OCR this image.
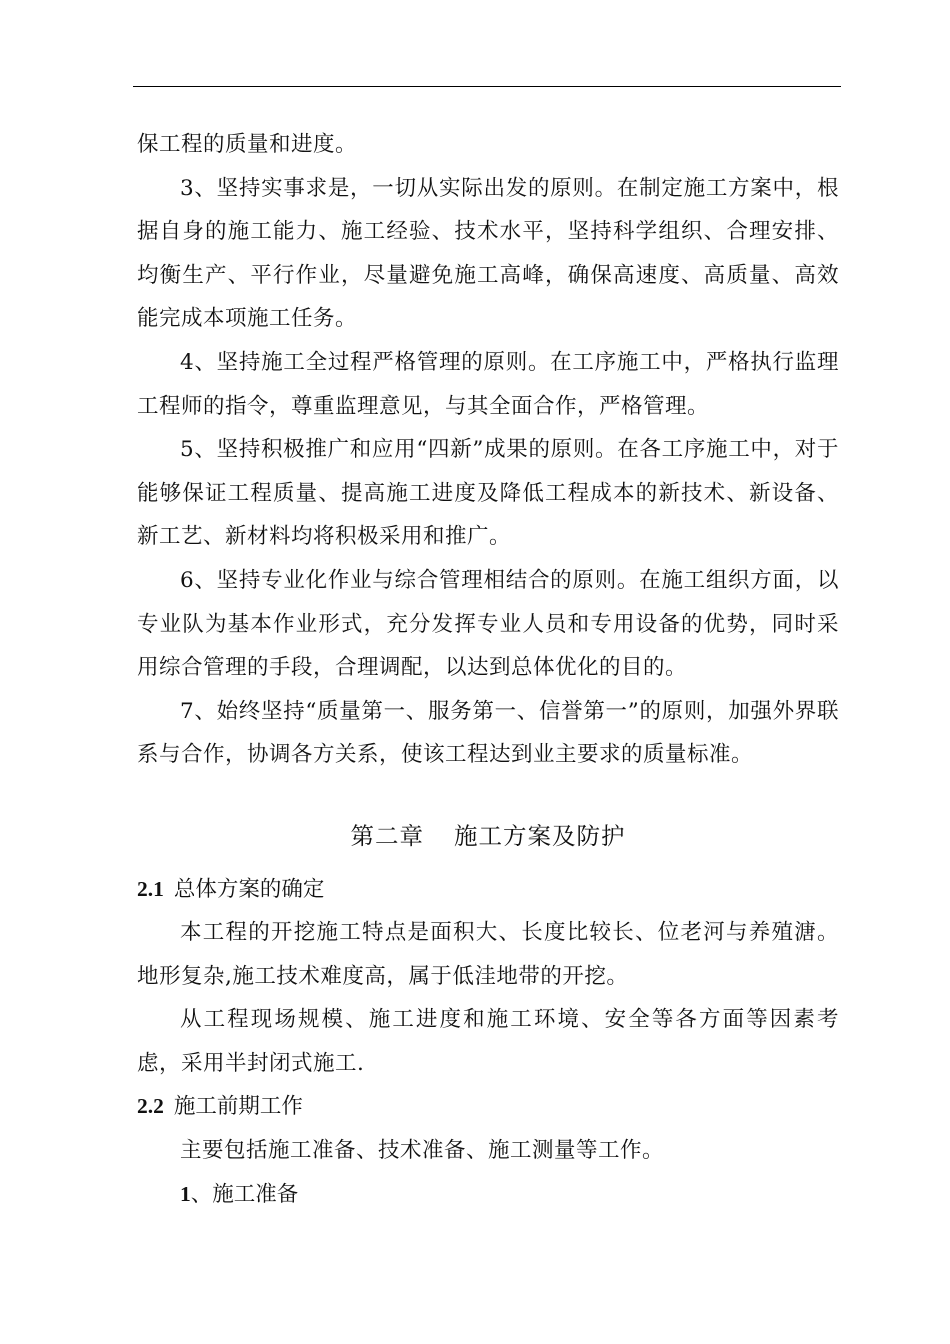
保工程的质量和进度。

3、坚持实事求是，一切从实际出发的原则。在制定施工方案中，根据自身的施工能力、施工经验、技术水平，坚持科学组织、合理安排、均衡生产、平行作业，尽量避免施工高峰，确保高速度、高质量、高效能完成本项施工任务。

4、坚持施工全过程严格管理的原则。在工序施工中，严格执行监理工程师的指令，尊重监理意见，与其全面合作，严格管理。

5、坚持积极推广和应用“四新”成果的原则。在各工序施工中，对于能够保证工程质量、提高施工进度及降低工程成本的新技术、新设备、新工艺、新材料均将积极采用和推广。

6、坚持专业化作业与综合管理相结合的原则。在施工组织方面，以专业队为基本作业形式，充分发挥专业人员和专用设备的优势，同时采用综合管理的手段，合理调配，以达到总体优化的目的。

7、始终坚持“质量第一、服务第一、信誉第一”的原则，加强外界联系与合作，协调各方关系，使该工程达到业主要求的质量标准。

第二章 施工方案及防护

2.1 总体方案的确定

本工程的开挖施工特点是面积大、长度比较长、位老河与养殖溏。地形复杂,施工技术难度高，属于低洼地带的开挖。

从工程现场规模、施工进度和施工环境、安全等各方面等因素考虑，采用半封闭式施工.

2.2 施工前期工作

主要包括施工准备、技术准备、施工测量等工作。

1、施工准备
